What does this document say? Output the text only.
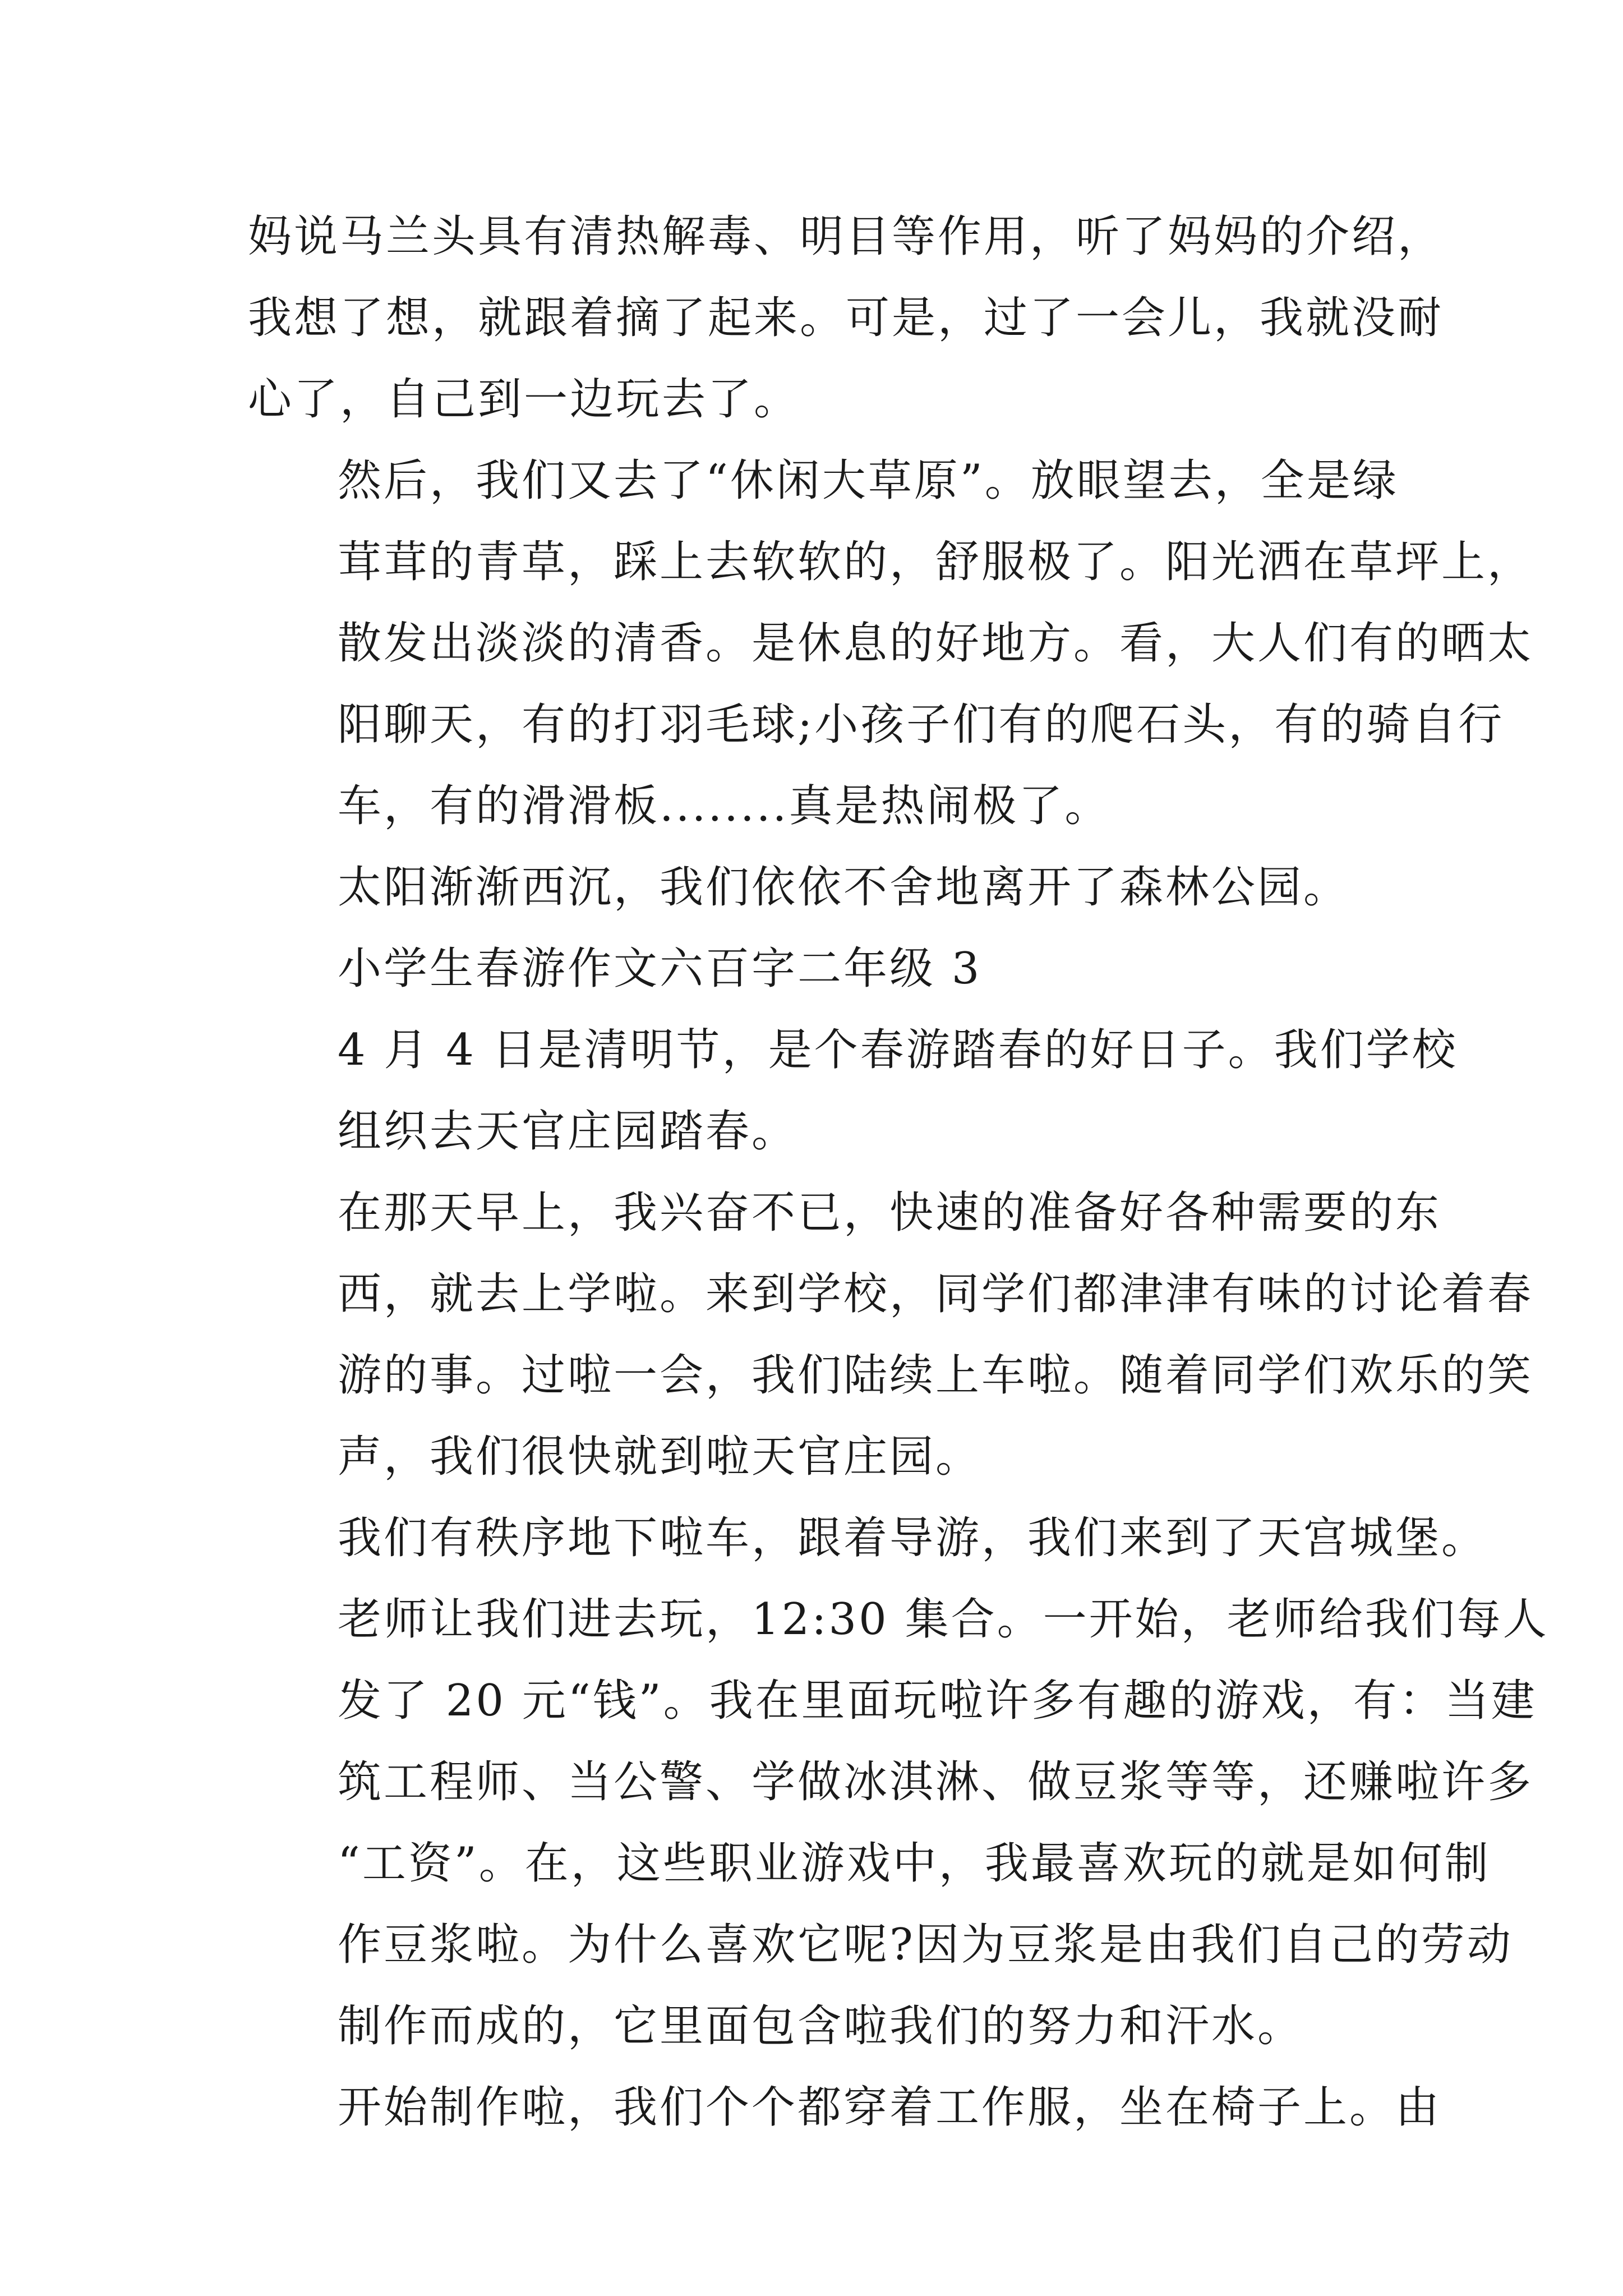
妈说马兰头具有清热解毒、明目等作用，听了妈妈的介绍，
我想了想，就跟着摘了起来。可是，过了一会儿，我就没耐
心了，自己到一边玩去了。

然后，我们又去了“休闲大草原”。放眼望去，全是绿
茸茸的青草，踩上去软软的，舒服极了。阳光洒在草坪上，
散发出淡淡的清香。是休息的好地方。看，大人们有的晒太
阳聊天，有的打羽毛球;小孩子们有的爬石头，有的骑自行
车，有的滑滑板........真是热闹极了。

太阳渐渐西沉，我们依依不舍地离开了森林公园。

小学生春游作文六百字二年级 3

4 月 4 日是清明节，是个春游踏春的好日子。我们学校
组织去天官庄园踏春。

在那天早上，我兴奋不已，快速的准备好各种需要的东
西，就去上学啦。来到学校，同学们都津津有味的讨论着春
游的事。过啦一会，我们陆续上车啦。随着同学们欢乐的笑
声，我们很快就到啦天官庄园。

我们有秩序地下啦车，跟着导游，我们来到了天宫城堡。
老师让我们进去玩，12:30 集合。一开始，老师给我们每人
发了 20 元“钱”。我在里面玩啦许多有趣的游戏，有：当建
筑工程师、当公警、学做冰淇淋、做豆浆等等，还赚啦许多
“工资”。在，这些职业游戏中，我最喜欢玩的就是如何制
作豆浆啦。为什么喜欢它呢?因为豆浆是由我们自己的劳动
制作而成的，它里面包含啦我们的努力和汗水。

开始制作啦，我们个个都穿着工作服，坐在椅子上。由
